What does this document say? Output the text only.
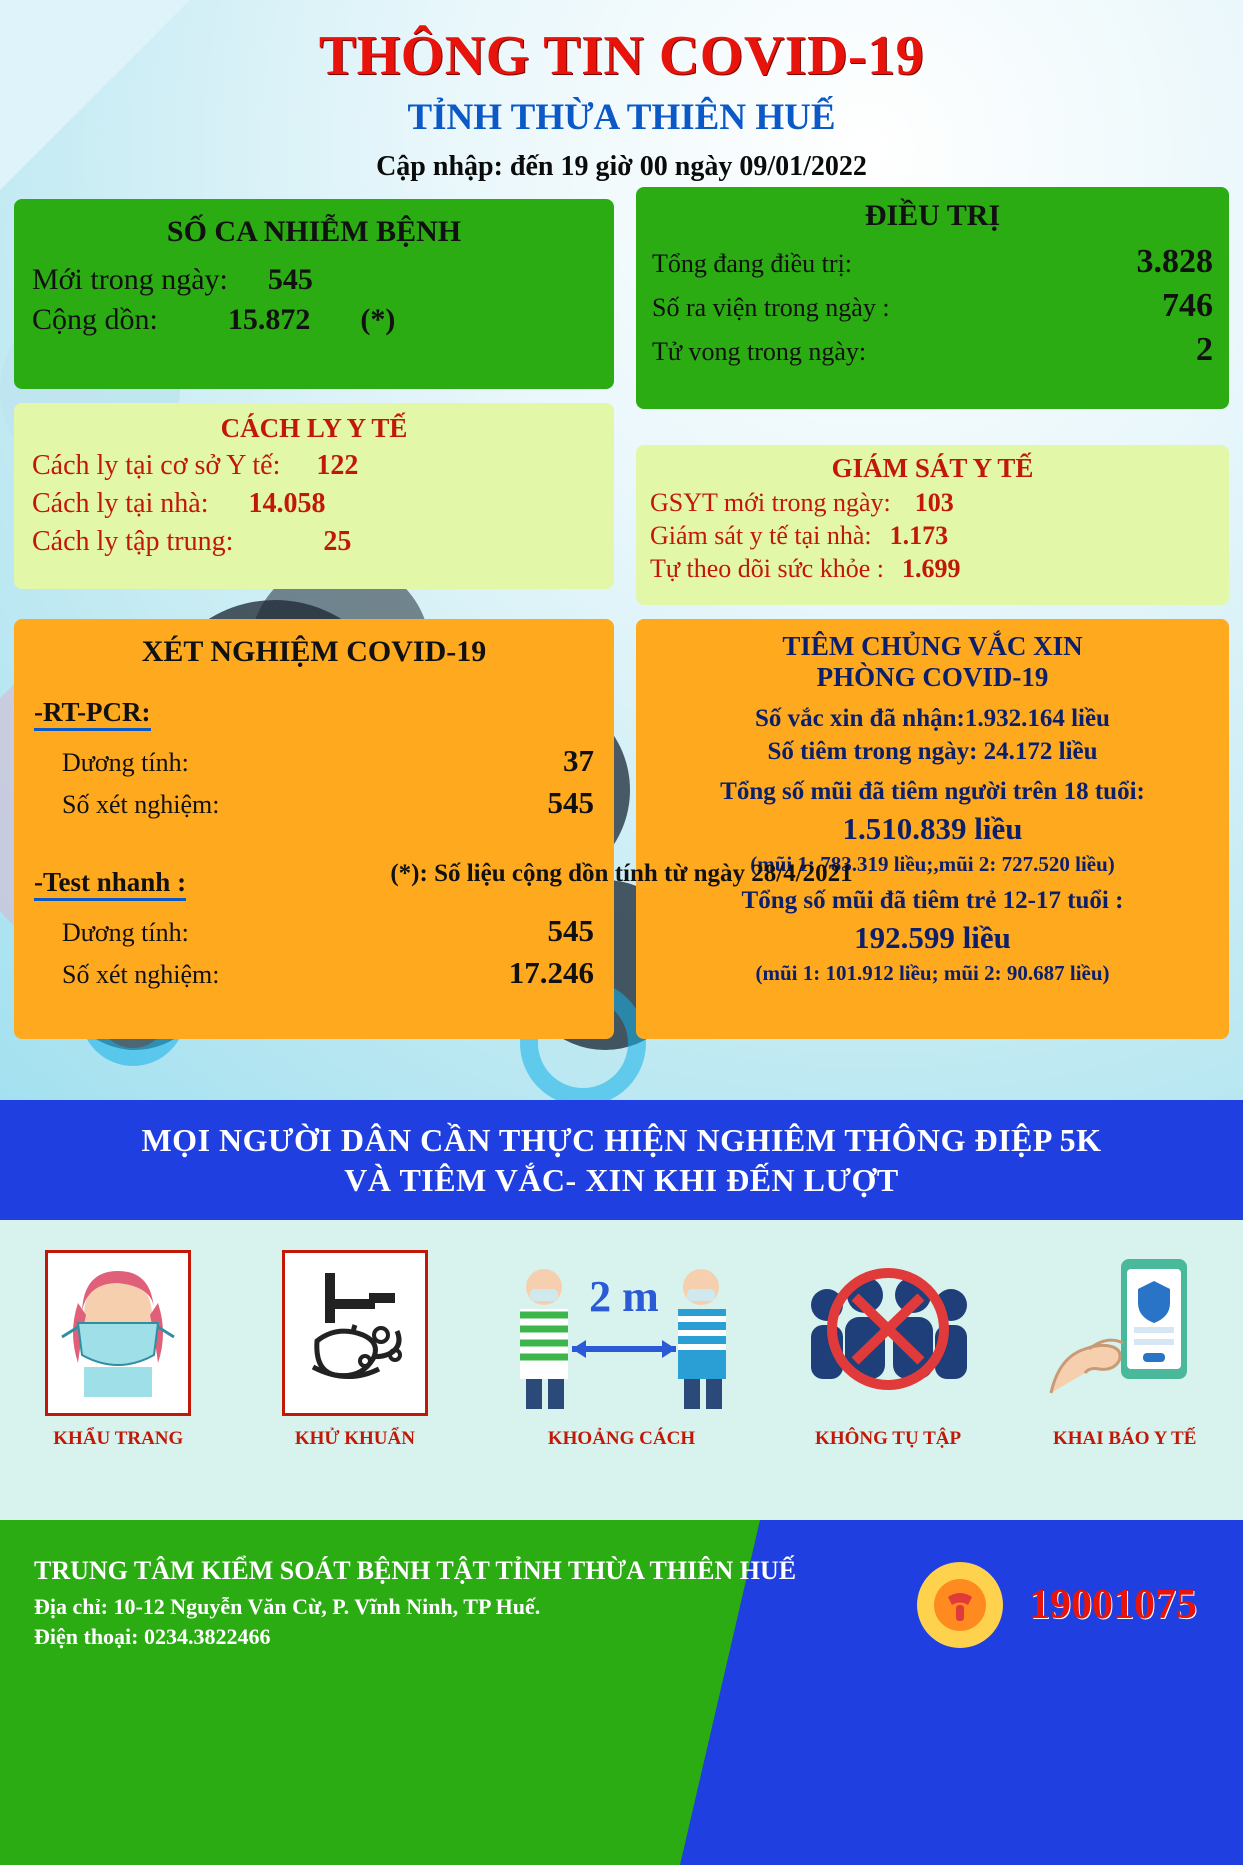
THÔNG TIN COVID-19
TỈNH THỪA THIÊN HUẾ
Cập nhập: đến 19 giờ 00 ngày 09/01/2022
SỐ CA NHIỄM BỆNH
Mới trong ngày: 545
Cộng dồn: 15.872 (*)
ĐIỀU TRỊ
Tổng đang điều trị:	3.828
Số ra viện trong ngày :	746
Tử vong trong ngày:	2
CÁCH LY Y TẾ
Cách ly tại cơ sở Y tế: 122
Cách ly tại nhà: 14.058
Cách ly tập trung:	25
GIÁM SÁT Y TẾ
GSYT mới trong ngày: 103
Giám sát y tế tại nhà: 1.173
Tự theo dõi sức khỏe : 1.699
XÉT NGHIỆM COVID-19
-RT-PCR:
Dương tính:	37
Số xét nghiệm:	545
-Test nhanh :
Dương tính:	545
Số xét nghiệm:	17.246
TIÊM CHỦNG VẮC XIN
PHÒNG COVID-19
Số vắc xin đã nhận:1.932.164 liều
Số tiêm trong ngày: 24.172 liều
Tổng số mũi đã tiêm người trên 18 tuổi:
1.510.839 liều
(mũi 1: 783.319 liều;,mũi 2: 727.520 liều)
Tổng số mũi đã tiêm trẻ 12-17 tuổi :
192.599 liều
(mũi 1: 101.912 liều; mũi 2: 90.687 liều)
(*): Số liệu cộng dồn tính từ ngày 28/4/2021
MỌI NGƯỜI DÂN CẦN THỰC HIỆN NGHIÊM THÔNG ĐIỆP 5K
VÀ TIÊM VẮC- XIN KHI ĐẾN LƯỢT
KHẨU TRANG	KHỬ KHUẨN
2 m
KHOẢNG CÁCH	KHÔNG TỤ TẬP	KHAI BÁO Y TẾ
TRUNG TÂM KIỂM SOÁT BỆNH TẬT TỈNH THỪA THIÊN HUẾ
Địa chỉ: 10-12 Nguyễn Văn Cừ, P. Vĩnh Ninh, TP Huế.
Điện thoại: 0234.3822466
19001075
